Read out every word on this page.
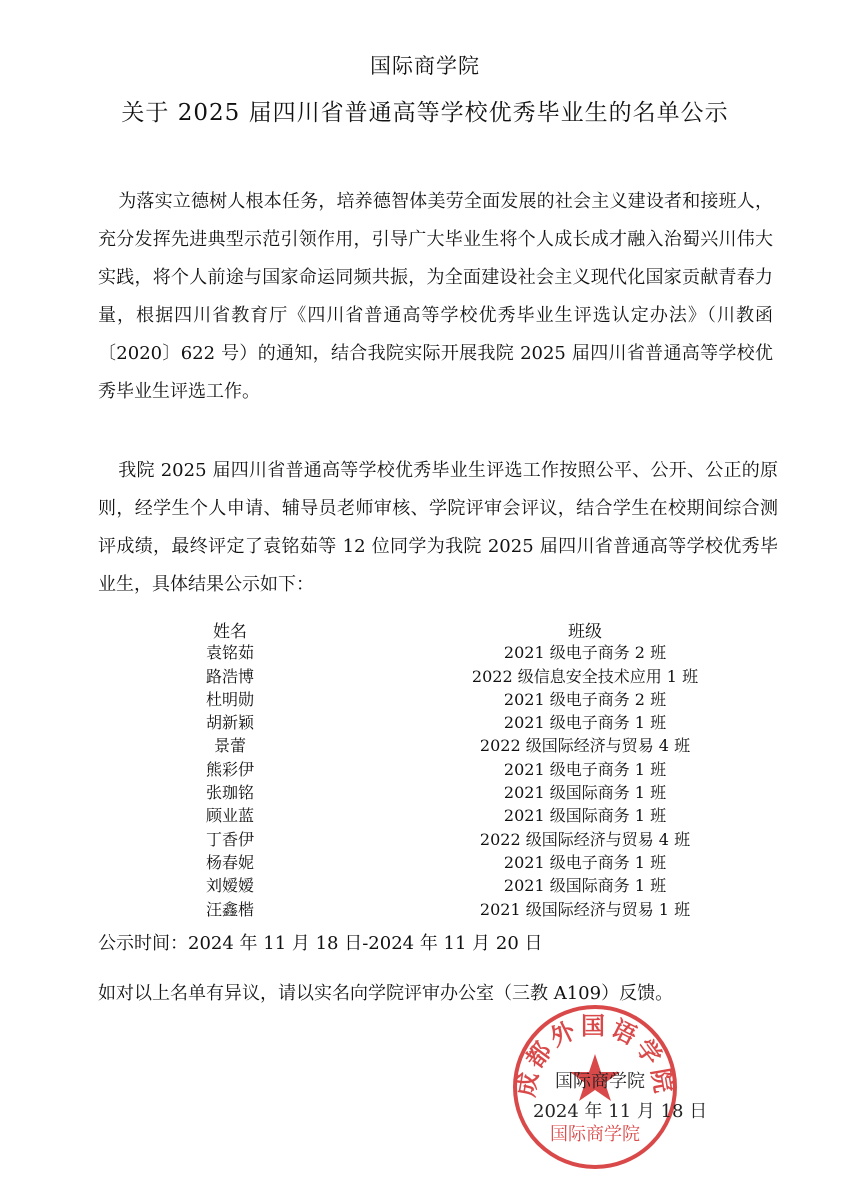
国际商学院
关于 2025 届四川省普通高等学校优秀毕业生的名单公示
为落实立德树人根本任务，培养德智体美劳全面发展的社会主义建设者和接班人，充分发挥先进典型示范引领作用，引导广大毕业生将个人成长成才融入治蜀兴川伟大实践，将个人前途与国家命运同频共振，为全面建设社会主义现代化国家贡献青春力量，根据四川省教育厅《四川省普通高等学校优秀毕业生评选认定办法》（川教函〔2020〕622 号）的通知，结合我院实际开展我院 2025 届四川省普通高等学校优秀毕业生评选工作。
我院 2025 届四川省普通高等学校优秀毕业生评选工作按照公平、公开、公正的原则，经学生个人申请、辅导员老师审核、学院评审会评议，结合学生在校期间综合测评成绩，最终评定了袁铭茹等 12 位同学为我院 2025 届四川省普通高等学校优秀毕业生，具体结果公示如下：
姓名	班级
袁铭茹	2021 级电子商务 2 班
路浩博	2022 级信息安全技术应用 1 班
杜明勋	2021 级电子商务 2 班
胡新颖	2021 级电子商务 1 班
景蕾	2022 级国际经济与贸易 4 班
熊彩伊	2021 级电子商务 1 班
张珈铭	2021 级国际商务 1 班
顾业蓝	2021 级国际商务 1 班
丁香伊	2022 级国际经济与贸易 4 班
杨春妮	2021 级电子商务 1 班
刘嫒嫒	2021 级国际商务 1 班
汪鑫楷	2021 级国际经济与贸易 1 班
公示时间：2024 年 11 月 18 日-2024 年 11 月 20 日
如对以上名单有异议，请以实名向学院评审办公室（三教 A109）反馈。
成都外国语学院
国际商学院
国际商学院
2024 年 11 月 18 日
